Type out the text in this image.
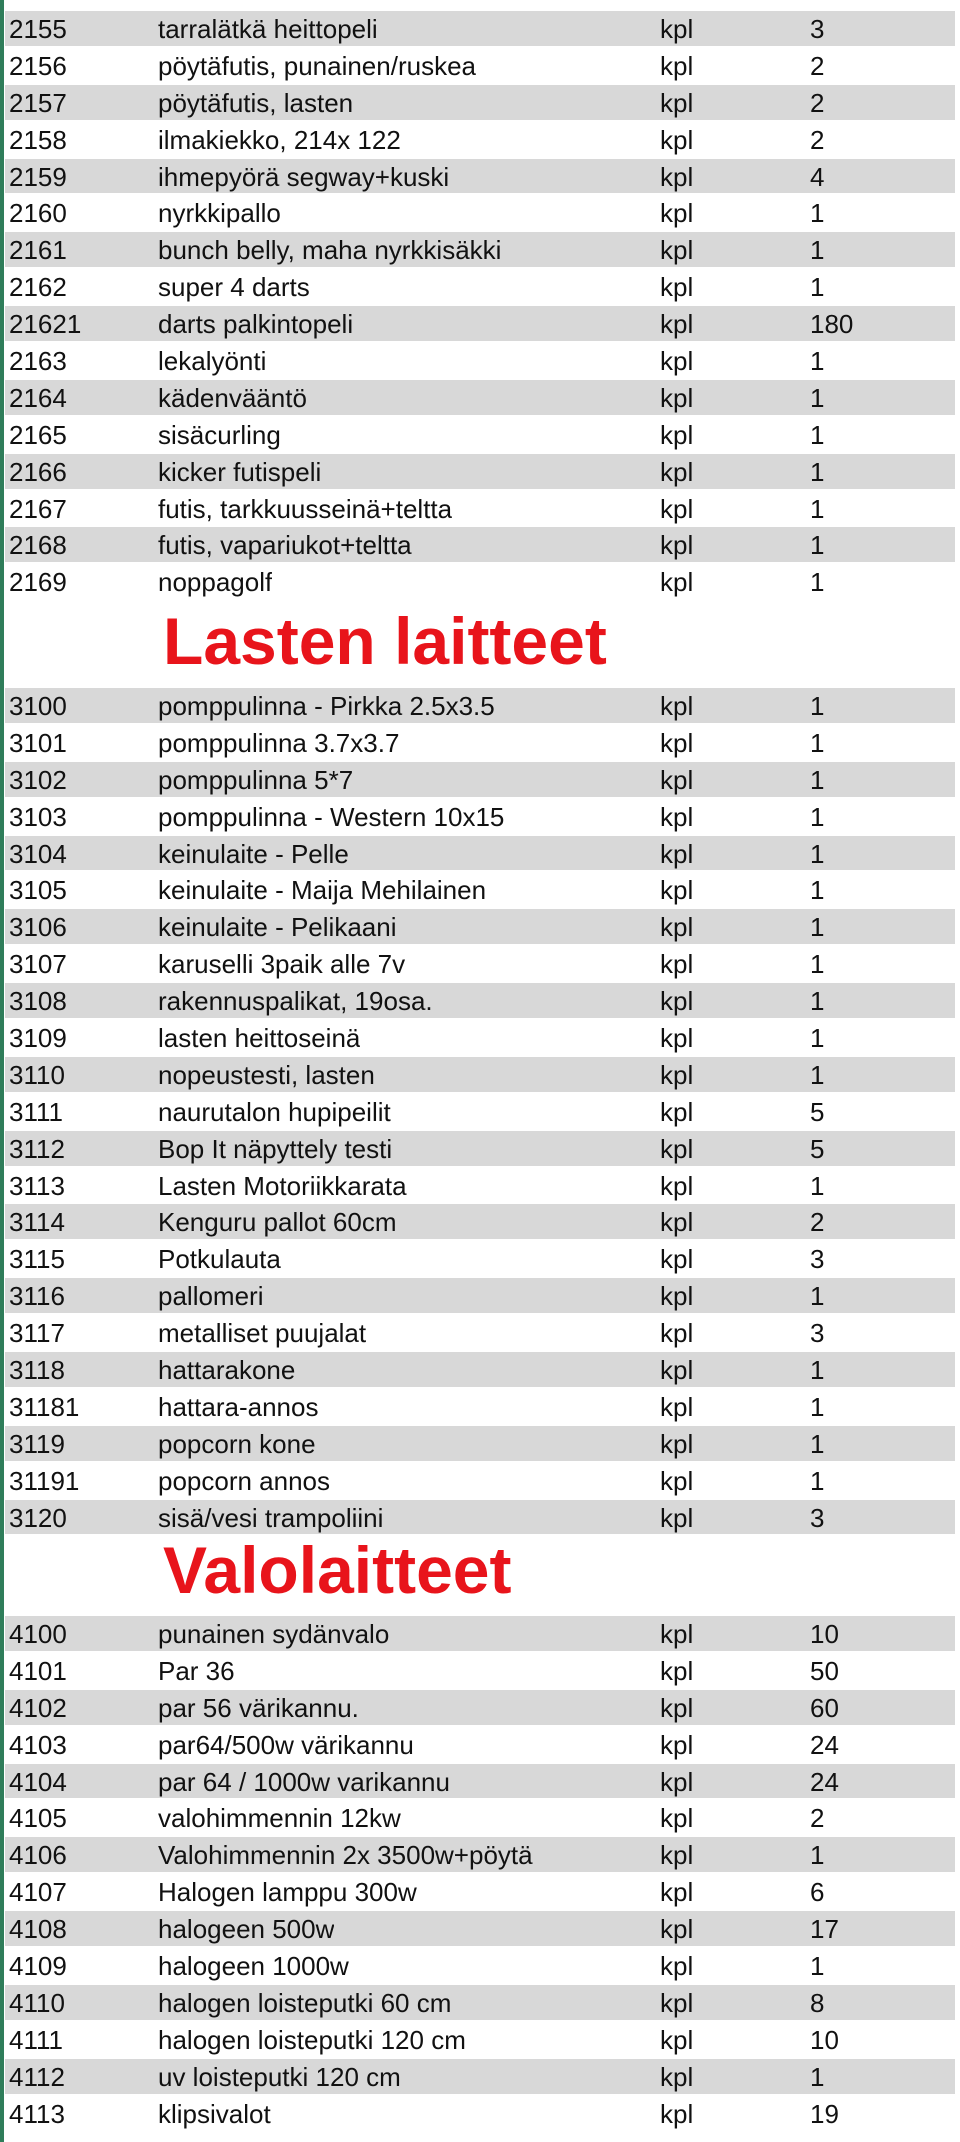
2155	tarralätkä heittopeli	kpl	3
2156	pöytäfutis, punainen/ruskea	kpl	2
2157	pöytäfutis, lasten	kpl	2
2158	ilmakiekko, 214x 122	kpl	2
2159	ihmepyörä segway+kuski	kpl	4
2160	nyrkkipallo	kpl	1
2161	bunch belly, maha nyrkkisäkki	kpl	1
2162	super 4 darts	kpl	1
21621	darts palkintopeli	kpl	180
2163	lekalyönti	kpl	1
2164	kädenvääntö	kpl	1
2165	sisäcurling	kpl	1
2166	kicker futispeli	kpl	1
2167	futis, tarkkuusseinä+teltta	kpl	1
2168	futis, vapariukot+teltta	kpl	1
2169	noppagolf	kpl	1
Lasten laitteet
3100	pomppulinna - Pirkka 2.5x3.5	kpl	1
3101	pomppulinna 3.7x3.7	kpl	1
3102	pomppulinna 5*7	kpl	1
3103	pomppulinna - Western 10x15	kpl	1
3104	keinulaite - Pelle	kpl	1
3105	keinulaite - Maija Mehilainen	kpl	1
3106	keinulaite - Pelikaani	kpl	1
3107	karuselli 3paik alle 7v	kpl	1
3108	rakennuspalikat, 19osa.	kpl	1
3109	lasten heittoseinä	kpl	1
3110	nopeustesti, lasten	kpl	1
3111	naurutalon hupipeilit	kpl	5
3112	Bop It näpyttely testi	kpl	5
3113	Lasten Motoriikkarata	kpl	1
3114	Kenguru pallot 60cm	kpl	2
3115	Potkulauta	kpl	3
3116	pallomeri	kpl	1
3117	metalliset puujalat	kpl	3
3118	hattarakone	kpl	1
31181	hattara-annos	kpl	1
3119	popcorn kone	kpl	1
31191	popcorn annos	kpl	1
3120	sisä/vesi trampoliini	kpl	3
Valolaitteet
4100	punainen sydänvalo	kpl	10
4101	Par 36	kpl	50
4102	par 56 värikannu.	kpl	60
4103	par64/500w värikannu	kpl	24
4104	par 64 / 1000w varikannu	kpl	24
4105	valohimmennin 12kw	kpl	2
4106	Valohimmennin 2x 3500w+pöytä	kpl	1
4107	Halogen lamppu 300w	kpl	6
4108	halogeen 500w	kpl	17
4109	halogeen 1000w	kpl	1
4110	halogen loisteputki 60 cm	kpl	8
4111	halogen loisteputki 120 cm	kpl	10
4112	uv loisteputki 120 cm	kpl	1
4113	klipsivalot	kpl	19
